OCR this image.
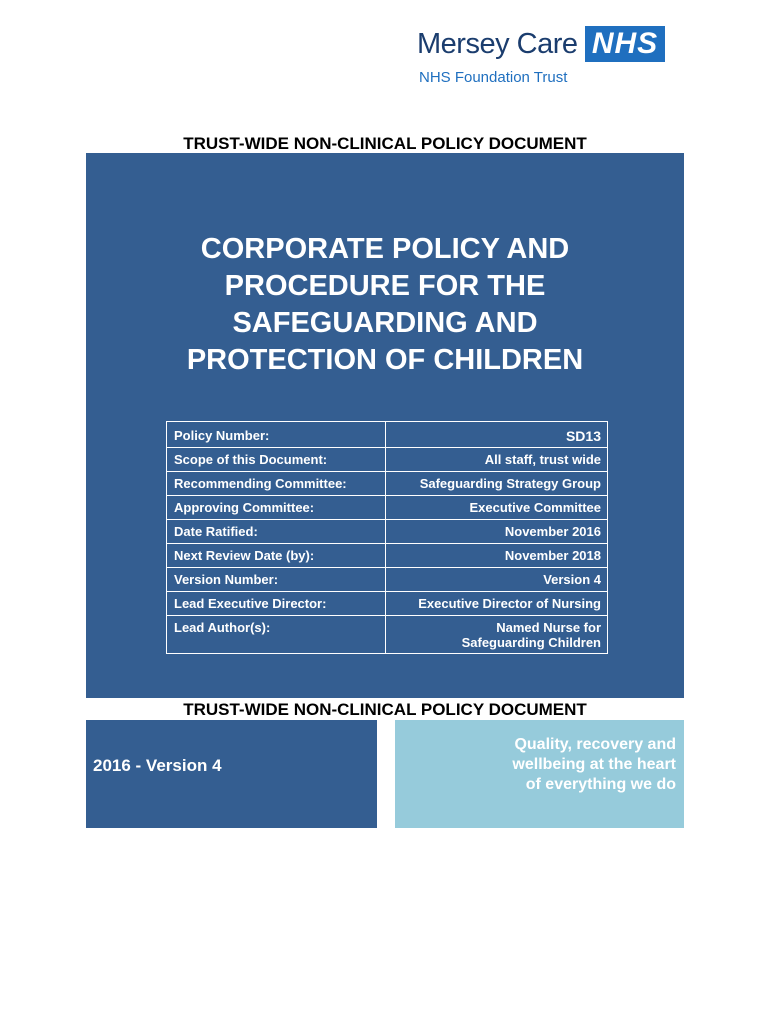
Mersey Care NHS
NHS Foundation Trust
TRUST-WIDE NON-CLINICAL POLICY DOCUMENT
CORPORATE POLICY AND
PROCEDURE FOR THE
SAFEGUARDING AND
PROTECTION OF CHILDREN
Policy Number:	SD13
Scope of this Document:	All staff, trust wide
Recommending Committee:	Safeguarding Strategy Group
Approving Committee:	Executive Committee
Date Ratified:	November 2016
Next Review Date (by):	November 2018
Version Number:	Version 4
Lead Executive Director:	Executive Director of Nursing
Lead Author(s):	Named Nurse for
Safeguarding Children
TRUST-WIDE NON-CLINICAL POLICY DOCUMENT
2016 - Version 4
Quality, recovery and
wellbeing at the heart
of everything we do
